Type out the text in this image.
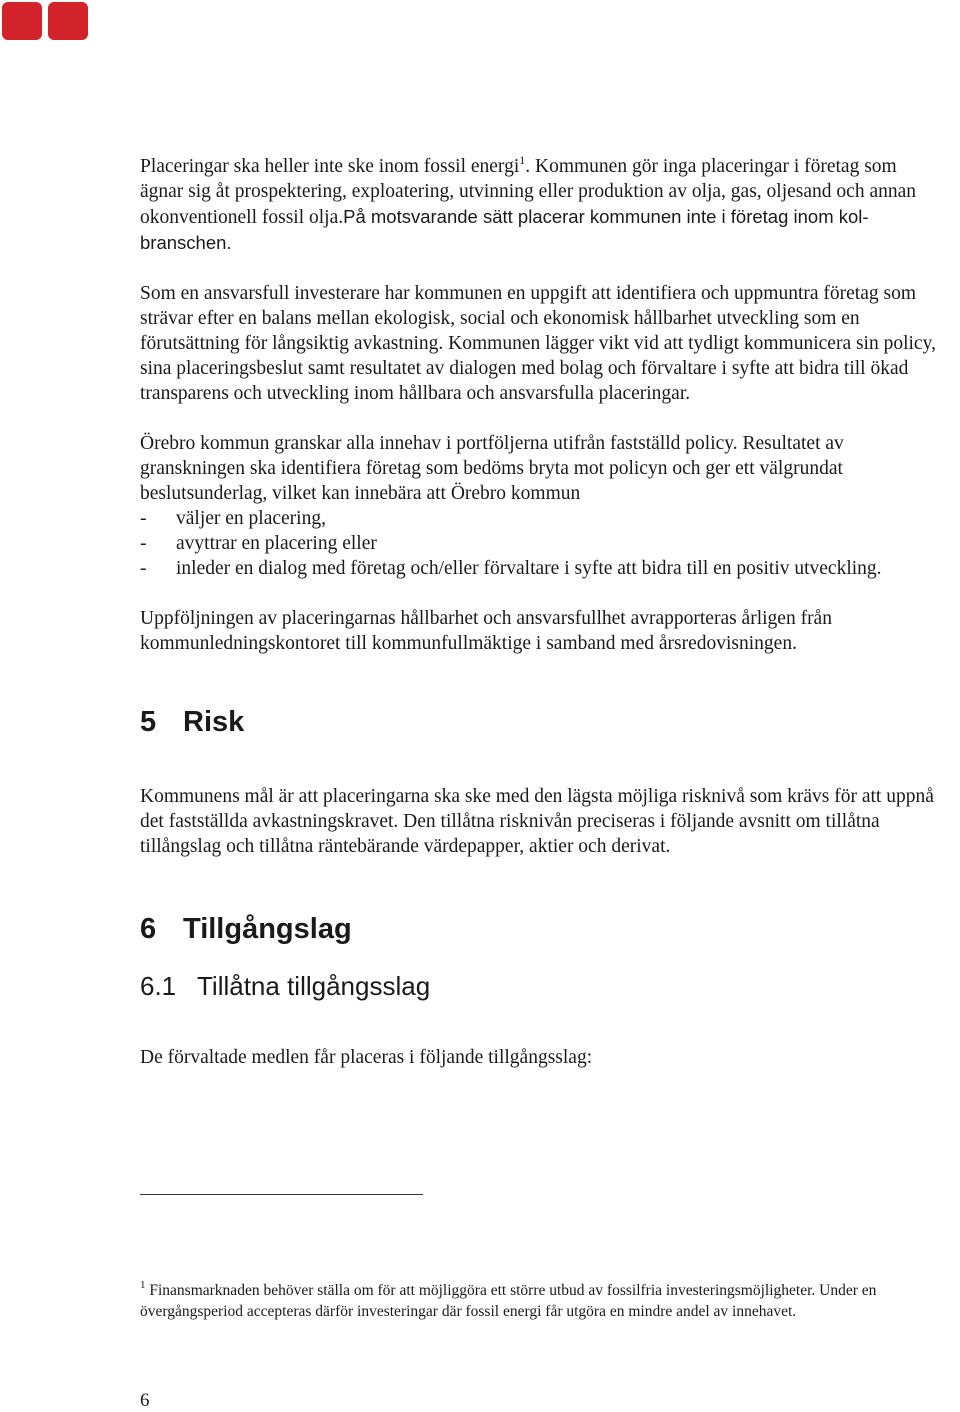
Placeringar ska heller inte ske inom fossil energi$^1$. Kommunen gör inga placeringar i företag som ägnar sig åt prospektering, exploatering, utvinning eller produktion av olja, gas, oljesand och annan okonventionell fossil olja.På motsvarande sätt placerar kommunen inte i företag inom kol-branschen.

Som en ansvarsfull investerare har kommunen en uppgift att identifiera och uppmuntra företag som strävar efter en balans mellan ekologisk, social och ekonomisk hållbarhet utveckling som en förutsättning för långsiktig avkastning. Kommunen lägger vikt vid att tydligt kommunicera sin policy, sina placeringsbeslut samt resultatet av dialogen med bolag och förvaltare i syfte att bidra till ökad transparens och utveckling inom hållbara och ansvarsfulla placeringar.

Örebro kommun granskar alla innehav i portföljerna utifrån fastställd policy. Resultatet av granskningen ska identifiera företag som bedöms bryta mot policyn och ger ett välgrundat beslutsunderlag, vilket kan innebära att Örebro kommun

- väljer en placering,
- avyttrar en placering eller
- inleder en dialog med företag och/eller förvaltare i syfte att bidra till en positiv utveckling.

Uppföljningen av placeringarnas hållbarhet och ansvarsfullhet avrapporteras årligen från kommunledningskontoret till kommunfullmäktige i samband med årsredovisningen.

5 Risk

Kommunens mål är att placeringarna ska ske med den lägsta möjliga risknivå som krävs för att uppnå det fastställda avkastningskravet. Den tillåtna risknivån preciseras i följande avsnitt om tillåtna tillångslag och tillåtna räntebärande värdepapper, aktier och derivat.

6 Tillgångslag
6.1 Tillåtna tillgångsslag

De förvaltade medlen får placeras i följande tillgångsslag:

$^1$ Finansmarknaden behöver ställa om för att möjliggöra ett större utbud av fossilfria investeringsmöjligheter. Under en övergångsperiod accepteras därför investeringar där fossil energi får utgöra en mindre andel av innehavet.
6
